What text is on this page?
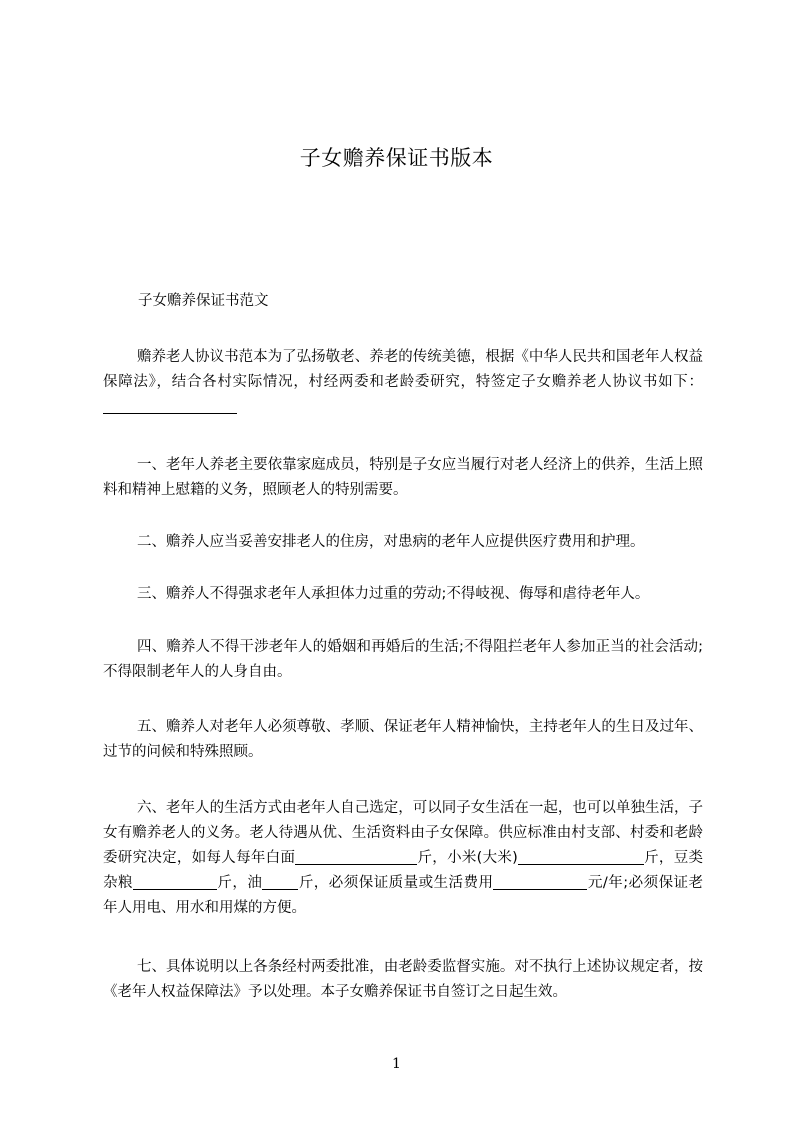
子女赡养保证书版本
子女赡养保证书范文
赡养老人协议书范本为了弘扬敬老、养老的传统美德，根据《中华人民共和国老年人权益保障法》，结合各村实际情况，村经两委和老龄委研究，特签定子女赡养老人协议书如下：
一、老年人养老主要依靠家庭成员，特别是子女应当履行对老人经济上的供养，生活上照料和精神上慰籍的义务，照顾老人的特别需要。
二、赡养人应当妥善安排老人的住房，对患病的老年人应提供医疗费用和护理。
三、赡养人不得强求老年人承担体力过重的劳动;不得岐视、侮辱和虐待老年人。
四、赡养人不得干涉老年人的婚姻和再婚后的生活;不得阻拦老年人参加正当的社会活动;不得限制老年人的人身自由。
五、赡养人对老年人必须尊敬、孝顺、保证老年人精神愉快，主持老年人的生日及过年、过节的问候和特殊照顾。
六、老年人的生活方式由老年人自己选定，可以同子女生活在一起，也可以单独生活，子女有赡养老人的义务。老人待遇从优、生活资料由子女保障。供应标准由村支部、村委和老龄委研究决定，如每人每年白面	斤，小米(大米)	斤，豆类杂粮	斤，油 斤，必须保证质量或生活费用	元/年;必须保证老年人用电、用水和用煤的方便。
七、具体说明以上各条经村两委批准，由老龄委监督实施。对不执行上述协议规定者，按《老年人权益保障法》予以处理。本子女赡养保证书自签订之日起生效。
1
